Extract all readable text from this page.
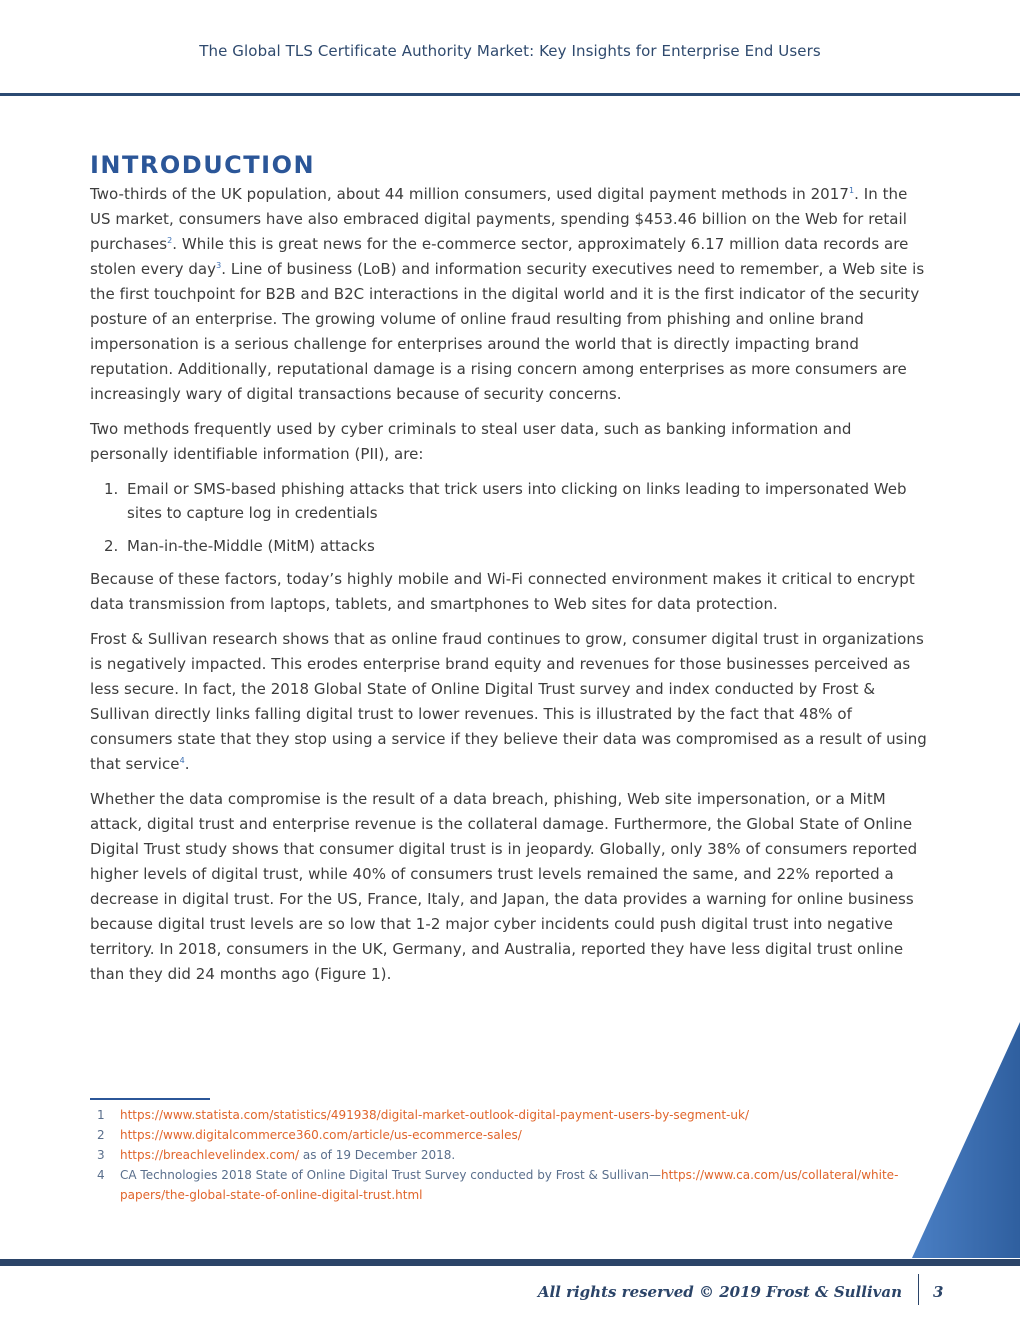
The Global TLS Certificate Authority Market: Key Insights for Enterprise End Users
INTRODUCTION

Two-thirds of the UK population, about 44 million consumers, used digital payment methods in 2017$^1$. In the US market, consumers have also embraced digital payments, spending $453.46 billion on the Web for retail purchases$^2$. While this is great news for the e-commerce sector, approximately 6.17 million data records are stolen every day$^3$. Line of business (LoB) and information security executives need to remember, a Web site is the first touchpoint for B2B and B2C interactions in the digital world and it is the first indicator of the security posture of an enterprise. The growing volume of online fraud resulting from phishing and online brand impersonation is a serious challenge for enterprises around the world that is directly impacting brand reputation. Additionally, reputational damage is a rising concern among enterprises as more consumers are increasingly wary of digital transactions because of security concerns.

Two methods frequently used by cyber criminals to steal user data, such as banking information and personally identifiable information (PII), are:

1. Email or SMS-based phishing attacks that trick users into clicking on links leading to impersonated Web sites to capture log in credentials
2. Man-in-the-Middle (MitM) attacks

Because of these factors, today’s highly mobile and Wi-Fi connected environment makes it critical to encrypt data transmission from laptops, tablets, and smartphones to Web sites for data protection.

Frost & Sullivan research shows that as online fraud continues to grow, consumer digital trust in organizations is negatively impacted. This erodes enterprise brand equity and revenues for those businesses perceived as less secure. In fact, the 2018 Global State of Online Digital Trust survey and index conducted by Frost & Sullivan directly links falling digital trust to lower revenues. This is illustrated by the fact that 48% of consumers state that they stop using a service if they believe their data was compromised as a result of using that service$^4$.

Whether the data compromise is the result of a data breach, phishing, Web site impersonation, or a MitM attack, digital trust and enterprise revenue is the collateral damage. Furthermore, the Global State of Online Digital Trust study shows that consumer digital trust is in jeopardy. Globally, only 38% of consumers reported higher levels of digital trust, while 40% of consumers trust levels remained the same, and 22% reported a decrease in digital trust. For the US, France, Italy, and Japan, the data provides a warning for online business because digital trust levels are so low that 1-2 major cyber incidents could push digital trust into negative territory. In 2018, consumers in the UK, Germany, and Australia, reported they have less digital trust online than they did 24 months ago (Figure 1).

1 https://www.statista.com/statistics/491938/digital-market-outlook-digital-payment-users-by-segment-uk/
2 https://www.digitalcommerce360.com/article/us-ecommerce-sales/
3 https://breachlevelindex.com/ as of 19 December 2018.
4 CA Technologies 2018 State of Online Digital Trust Survey conducted by Frost & Sullivan—https://www.ca.com/us/collateral/white-papers/the-global-state-of-online-digital-trust.html
All rights reserved © 2019 Frost & Sullivan 3
